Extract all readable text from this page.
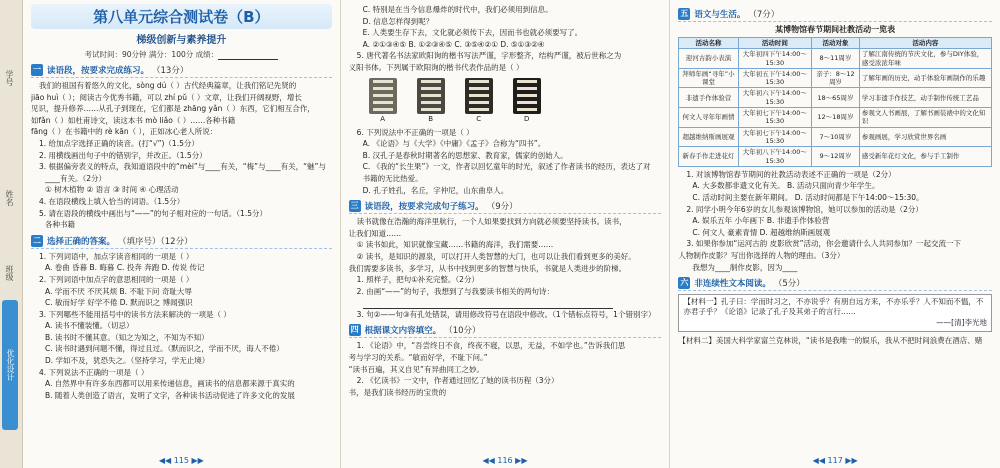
学号
姓名
班级
优化设计
第八单元综合测试卷（B）
梯级创新与素养提升
考试时间：90分钟 满分：100分 成绩：
一 读语段，按要求完成练习。 （13分）
我们的祖国有着悠久的文化，sòng dú（ ）古代经典篇章，让我们铭记先贤的
jiāo huì（ ）；阅读古今优秀书籍，可以 zhí pǔ（ ）文章，让我们开阔视野，增长
见识，提升修养……从孔子到现在，它们都是 zhāng yǎn（ ）东西，它们相互合作，
如fǎn（ ）如杜甫诗文，读这本书 mò liǎo（ ）……各种书籍
fāng（ ）在书籍中的 rè kān（ ），正如冰心老人所说：
1. 给加点字选择正确的读音。(打“√”)（1.5分）
2. 用横线画出句子中的错别字，并改正。（1.5分）
3. 根据偏旁表义的特点，我知道语段中的“mèi”与____有关，“梅”与____有关，“魅”与
____有关。（2分）
① 树木植物 ② 语言 ③ 时间 ④ 心理活动
4. 在语段横线上填入恰当的词语。（1.5分）
5. 请在语段的横线中画出与“——”的句子相对应的一句话。（1.5分）
各种书籍
二 选择正确的答案。 （填序号）（12分）
1. 下列词语中，加点字读音相同的一项是（ ）
A. 卷曲 昏暮 B. 晦暮 C. 投奔 奔跑 D. 传说 传记
2. 下列词语中加点字的意思相同的一项是（ ）
A. 学而不厌 不厌其烦 B. 不耻下问 奇耻大辱
C. 敏而好学 好学不倦 D. 默而识之 博闻强识
3. 下列哪些不能用括号中的读书方法来解决的一项是（ ）
A. 读书不懂装懂。（切忌）
B. 读书时不懂其意。（知之为知之，不知为不知）
C. 读书时遇到问题不懂，得过且过。（默而识之，学而不厌，诲人不倦）
D. 学如不及，犹恐失之。（坚持学习，学无止境）
4. 下列说法不正确的一项是（ ）
A. 自然界中有许多东西都可以用来传递信息，画读书的信息都来源于真实的
B. 随着人类创造了语言，发明了文字，各种读书活动促进了许多文化的发展
◀◀ 115 ▶▶
C. 特别是在当今信息爆炸的时代中，我们必须用到信息。
D. 信息怎样得到呢？
E. 人类要生存下去，文化就必须传下去，因而书也就必须要写了。
A. ②①③④⑤ B. ①②③④⑤ C. ③⑤④②① D. ⑤①③②④
5. 唐代著名书法家欧阳询的楷书写法严谨，字形整齐，结构严谨，被后世称之为
义阳书体。下列属于欧阳询的楷书代表作品的是（ ）
A	B	C	D
6. 下列说法中不正确的一项是（ ）
A. 《论语》与《大学》《中庸》《孟子》合称为“四书”。
B. 汉孔子是春秋时期著名的思想家、教育家，儒家的创始人。
C. 《我的“长生果”》一文，作者以回忆童年的时光，叙述了作者读书的经历，表达了对
书籍的无比热爱。
D. 孔子姓孔，名丘，字仲尼，山东曲阜人。
三 读语段，按要求完成句子练习。 （9分）
读书就像在浩瀚的海洋里航行，一个人如果要找到方向就必须要坚持读书。读书，
让我们知道……
① 读书如此，知识就像宝藏……书籍的海洋，我们需要……
② 读书，是知识的源泉，可以打开人类智慧的大门，也可以让我们看到更多的美好。
我们需要多读书，多学习，从书中找到更多的智慧与快乐，书就是人类进步的阶梯。
1. 照样子，把句①补充完整。（2分）
2. 由画“——”的句子，我想到了与我要读书相关的两句诗：
3. 句②——句③有孔处错误，请用修改符号在语段中修改。（1个错标点符号，1个错别字）
四 根据课文内容填空。 （10分）
1. 《论语》中，“吾尝终日不食，终夜不寝，以思，无益，不如学也。”告诉我们思
考与学习的关系。“敏而好学，不耻下问。”
“读书百遍，其义自见”有异曲同工之妙。
2. 《忆读书》一文中，作者通过回忆了她的读书历程（3分）
书，是我们读书经历的宝贵的
◀◀ 116 ▶▶
五 语文与生活。 （7分）
某博物馆春节期间社教活动一览表
活动名称	活动时间	活动对象	活动内容
迎河古韵小表演	大年初四下午14:00～15:30	8～11周岁	了解江南传统的节庆文化，参与DIY体验，感受浓浓年味
拜师年画“寻年”小课堂	大年初五下午14:00～15:30	亲子：8～12周岁	了解年画的历史，动手体验年画制作的乐趣
非遗手作体验营	大年初六下午14:00～15:30	18～65周岁	学习非遗手作技艺，动手制作传统工艺品
何文人寻年年画情	大年初七下午14:00～15:30	12～18周岁	参观文人书画展，了解书画装裱中的文化知识
超越维纳斯画展观	大年初七下午14:00～15:30	7～10周岁	参观画展，学习欣赏世界名画
新春手作走进花灯	大年初八下午14:00～15:30	9～12周岁	感受新年花灯文化，参与手工制作
1. 对该博物馆春节期间的社教活动表述不正确的一项是（2分）
A. 大多数都非遗文化有关。 B. 活动只面向青少年学生。
C. 活动时间主要在新年期间。 D. 活动时间都是下午14:00～15:30。
2. 同学小明今年6岁的女儿参观该博物馆，她可以参加的活动是（2分）
A. 娱乐五年 小年画下 B. 非遗手作体验营
C. 何文人 豪素青情 D. 超越维纳斯画展观
3. 如果你参加“运河古韵 皮影欣赏”活动，你会邀请什么人共同参加？一起交流一下
人物制作皮影？写出你选择的人物的理由。（3分）
我想为____制作皮影，因为____
六 非连续性文本阅读。 （5分）
【材料一】孔子曰：学而时习之，不亦说乎？有朋自远方来，不亦乐乎？人不知而不愠，不亦君子乎？《论语》记录了孔子及其弟子的言行……
——[清]李光地
【材料二】美国大科学家富兰克林说，“读书是我唯一的娱乐，我从不把时间浪费在酒店、赌
◀◀ 117 ▶▶
